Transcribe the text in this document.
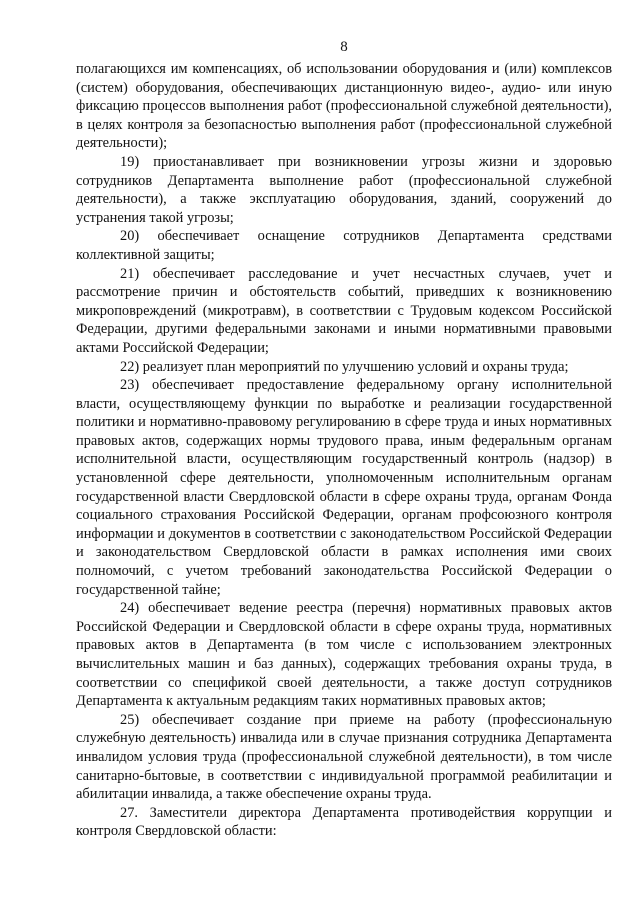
8

полагающихся им компенсациях, об использовании оборудования и (или) комплексов (систем) оборудования, обеспечивающих дистанционную видео-, аудио- или иную фиксацию процессов выполнения работ (профессиональной служебной деятельности), в целях контроля за безопасностью выполнения работ (профессиональной служебной деятельности);

19) приостанавливает при возникновении угрозы жизни и здоровью сотрудников Департамента выполнение работ (профессиональной служебной деятельности), а также эксплуатацию оборудования, зданий, сооружений до устранения такой угрозы;

20) обеспечивает оснащение сотрудников Департамента средствами коллективной защиты;

21) обеспечивает расследование и учет несчастных случаев, учет и рассмотрение причин и обстоятельств событий, приведших к возникновению микроповреждений (микротравм), в соответствии с Трудовым кодексом Российской Федерации, другими федеральными законами и иными нормативными правовыми актами Российской Федерации;

22) реализует план мероприятий по улучшению условий и охраны труда;

23) обеспечивает предоставление федеральному органу исполнительной власти, осуществляющему функции по выработке и реализации государственной политики и нормативно-правовому регулированию в сфере труда и иных нормативных правовых актов, содержащих нормы трудового права, иным федеральным органам исполнительной власти, осуществляющим государственный контроль (надзор) в установленной сфере деятельности, уполномоченным исполнительным органам государственной власти Свердловской области в сфере охраны труда, органам Фонда социального страхования Российской Федерации, органам профсоюзного контроля информации и документов в соответствии с законодательством Российской Федерации и законодательством Свердловской области в рамках исполнения ими своих полномочий, с учетом требований законодательства Российской Федерации о государственной тайне;

24) обеспечивает ведение реестра (перечня) нормативных правовых актов Российской Федерации и Свердловской области в сфере охраны труда, нормативных правовых актов в Департамента (в том числе с использованием электронных вычислительных машин и баз данных), содержащих требования охраны труда, в соответствии со спецификой своей деятельности, а также доступ сотрудников Департамента к актуальным редакциям таких нормативных правовых актов;

25) обеспечивает создание при приеме на работу (профессиональную служебную деятельность) инвалида или в случае признания сотрудника Департамента инвалидом условия труда (профессиональной служебной деятельности), в том числе санитарно-бытовые, в соответствии с индивидуальной программой реабилитации и абилитации инвалида, а также обеспечение охраны труда.

27. Заместители директора Департамента противодействия коррупции и контроля Свердловской области:
